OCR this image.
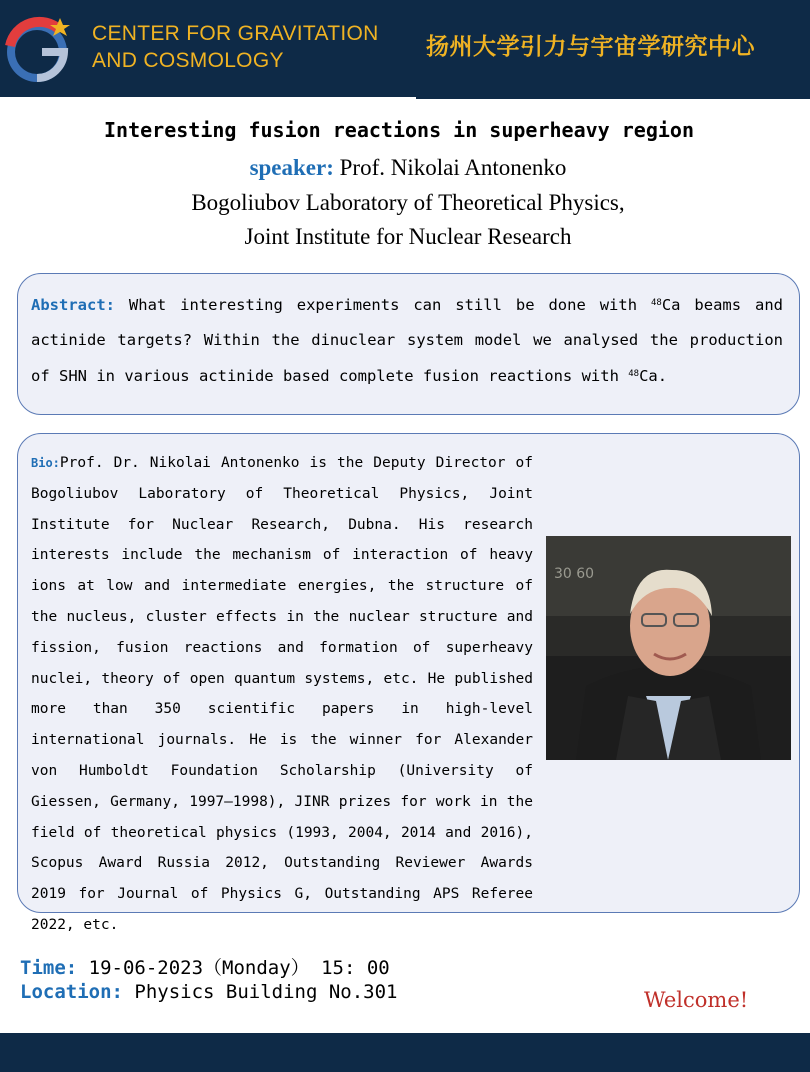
CENTER FOR GRAVITATION
AND COSMOLOGY
扬州大学引力与宇宙学研究中心
Interesting fusion reactions in superheavy region
speaker: Prof. Nikolai Antonenko
Bogoliubov Laboratory of Theoretical Physics,
Joint Institute for Nuclear Research
Abstract: What interesting experiments can still be done with $^{48}$Ca beams and actinide targets? Within the dinuclear system model we analysed the production of SHN in various actinide based complete fusion reactions with $^{48}$Ca.
Bio:Prof. Dr. Nikolai Antonenko is the Deputy Director of Bogoliubov Laboratory of Theoretical Physics, Joint Institute for Nuclear Research, Dubna. His research interests include the mechanism of interaction of heavy ions at low and intermediate energies, the structure of the nucleus, cluster effects in the nuclear structure and fission, fusion reactions and formation of superheavy nuclei, theory of open quantum systems, etc. He published more than 350 scientific papers in high-level international journals. He is the winner for Alexander von Humboldt Foundation Scholarship (University of Giessen, Germany, 1997–1998), JINR prizes for work in the field of theoretical physics (1993, 2004, 2014 and 2016), Scopus Award Russia 2012, Outstanding Reviewer Awards 2019 for Journal of Physics G, Outstanding APS Referee 2022, etc.
30 60
Time: 19-06-2023（Monday） 15: 00
Location: Physics Building No.301	Welcome!
